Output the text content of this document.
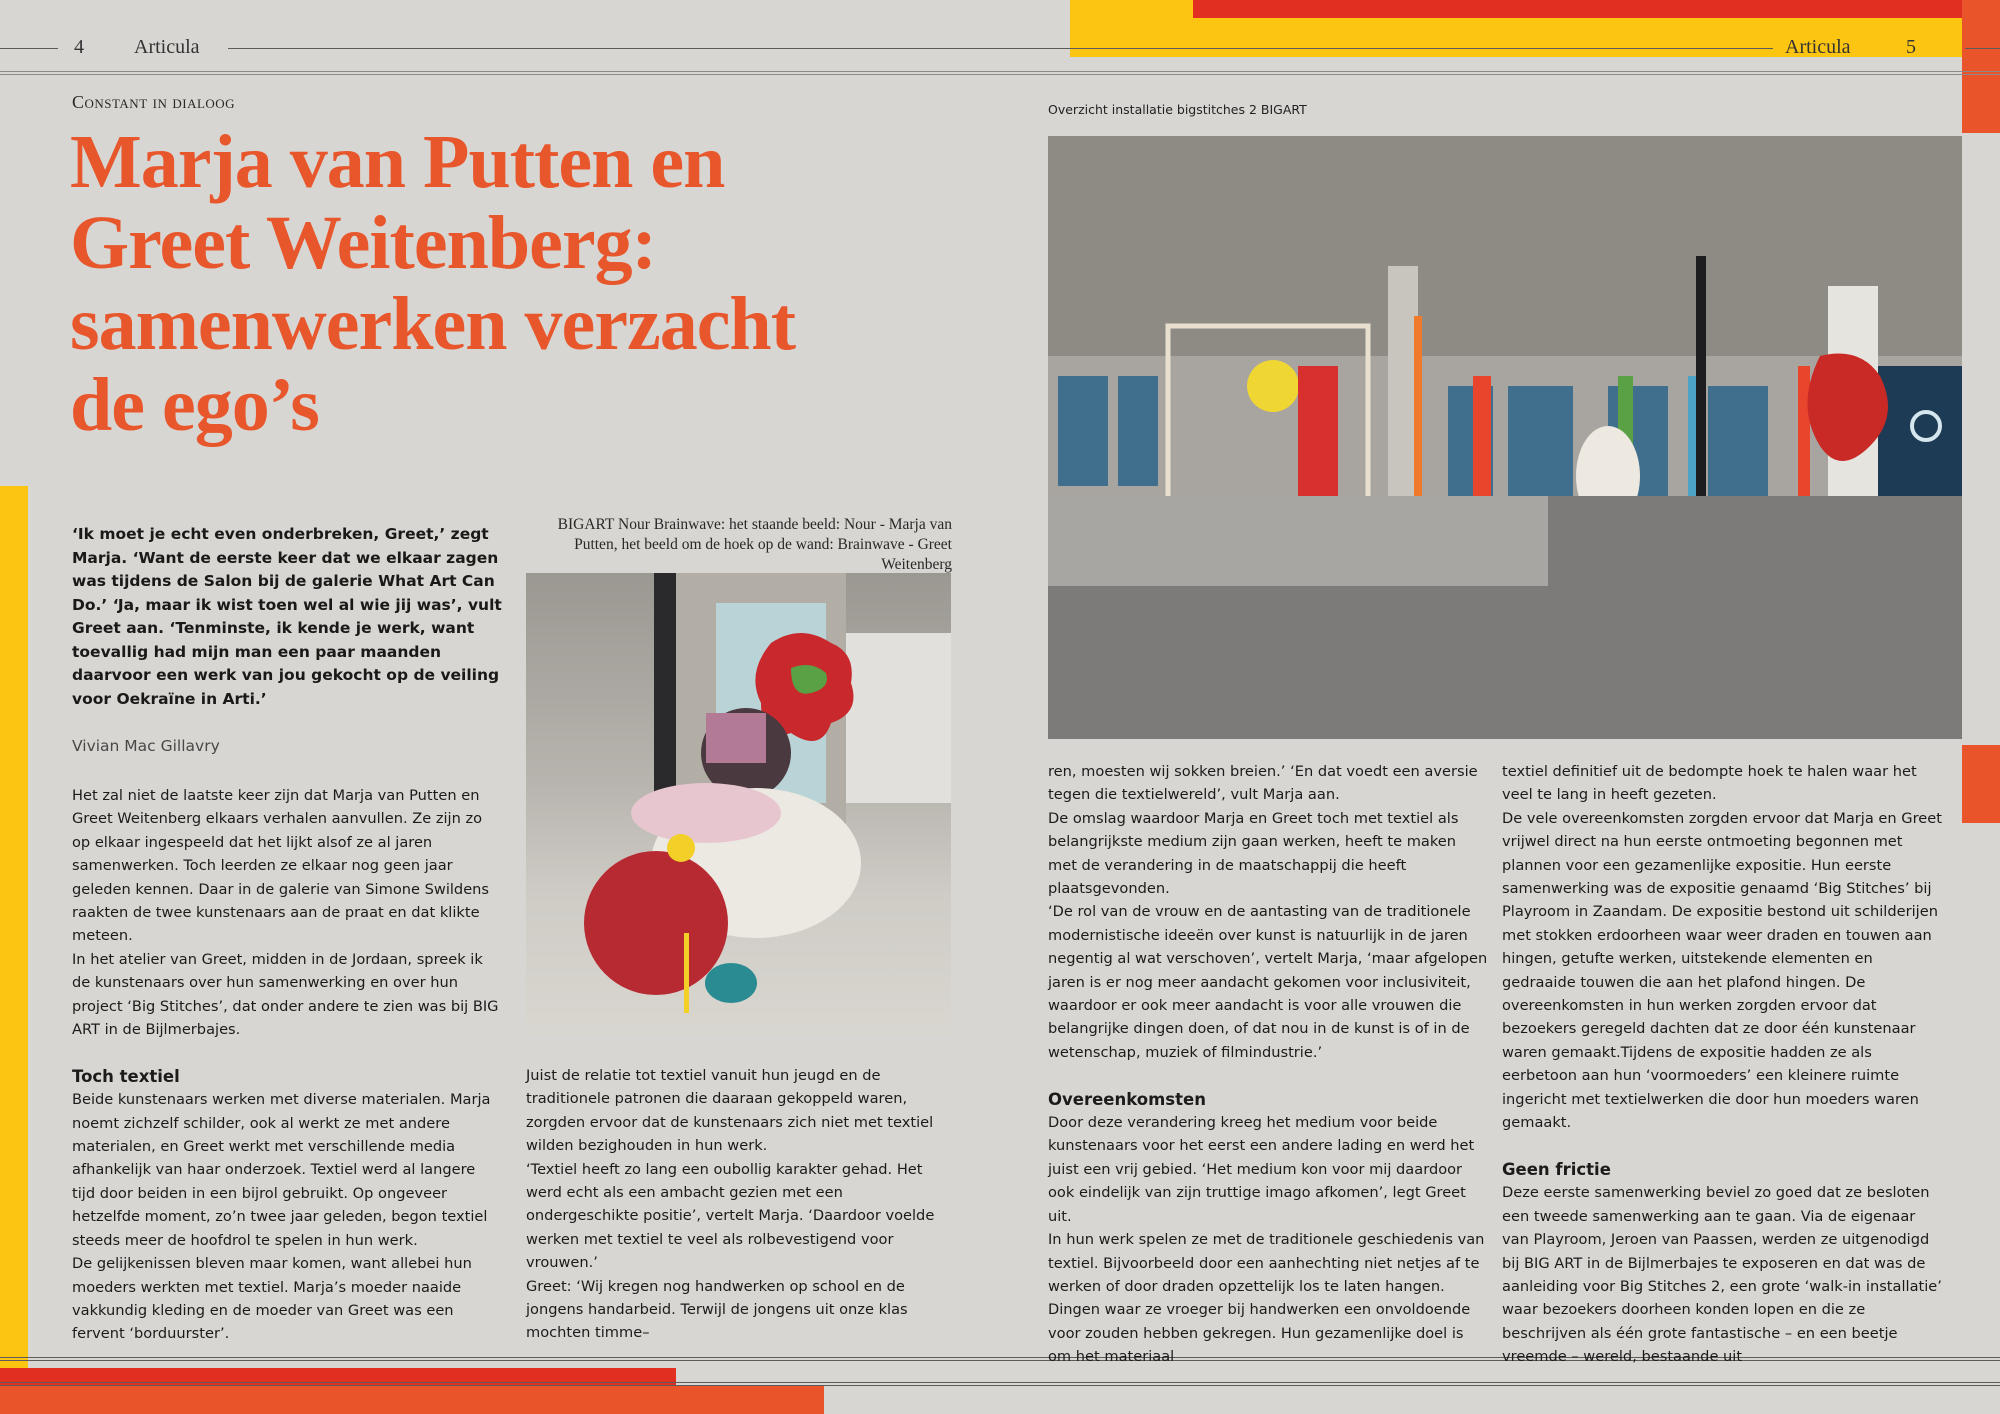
4	Articula	Articula	5
Constant in dialoog
Marja van Putten en
Greet Weitenberg:
samenwerken verzacht
de ego’s
‘Ik moet je echt even onderbreken, Greet,’ zegt Marja. ‘Want de eerste keer dat we elkaar zagen was tijdens de Salon bij de galerie What Art Can Do.’ ‘Ja, maar ik wist toen wel al wie jij was’, vult Greet aan. ‘Tenminste, ik kende je werk, want toevallig had mijn man een paar maanden daarvoor een werk van jou gekocht op de veiling voor Oekraïne in Arti.’
Vivian Mac Gillavry

Het zal niet de laatste keer zijn dat Marja van Putten en Greet Weitenberg elkaars verhalen aanvullen. Ze zijn zo op elkaar ingespeeld dat het lijkt alsof ze al jaren samenwerken. Toch leerden ze elkaar nog geen jaar geleden kennen. Daar in de galerie van Simone Swildens raakten de twee kunstenaars aan de praat en dat klikte meteen.

In het atelier van Greet, midden in de Jordaan, spreek ik de kunstenaars over hun samenwerking en over hun project ‘Big Stitches’, dat onder andere te zien was bij BIG ART in de Bijlmerbajes.

Toch textiel

Beide kunstenaars werken met diverse materialen. Marja noemt zichzelf schilder, ook al werkt ze met andere materialen, en Greet werkt met verschillende media afhankelijk van haar onderzoek. Textiel werd al langere tijd door beiden in een bijrol gebruikt. Op ongeveer hetzelfde moment, zo’n twee jaar geleden, begon textiel steeds meer de hoofdrol te spelen in hun werk.

De gelijkenissen bleven maar komen, want allebei hun moeders werkten met textiel. Marja’s moeder naaide vakkundig kleding en de moeder van Greet was een fervent ‘borduurster’.

BIGART Nour Brainwave: het staande beeld: Nour - Marja van Putten, het beeld om de hoek op de wand: Brainwave - Greet Weitenberg

Juist de relatie tot textiel vanuit hun jeugd en de traditionele patronen die daaraan gekoppeld waren, zorgden ervoor dat de kunstenaars zich niet met textiel wilden bezighouden in hun werk.

‘Textiel heeft zo lang een oubollig karakter gehad. Het werd echt als een ambacht gezien met een ondergeschikte positie’, vertelt Marja. ‘Daardoor voelde werken met textiel te veel als rolbevestigend voor vrouwen.’

Greet: ‘Wij kregen nog handwerken op school en de jongens handarbeid. Terwijl de jongens uit onze klas mochten timme–

Overzicht installatie bigstitches 2 BIGART

ren, moesten wij sokken breien.’ ‘En dat voedt een aversie tegen die textielwereld’, vult Marja aan.

De omslag waardoor Marja en Greet toch met textiel als belangrijkste medium zijn gaan werken, heeft te maken met de verandering in de maatschappij die heeft plaatsgevonden.

‘De rol van de vrouw en de aantasting van de traditionele modernistische ideeën over kunst is natuurlijk in de jaren negentig al wat verschoven’, vertelt Marja, ‘maar afgelopen jaren is er nog meer aandacht gekomen voor inclusiviteit, waardoor er ook meer aandacht is voor alle vrouwen die belangrijke dingen doen, of dat nou in de kunst is of in de wetenschap, muziek of filmindustrie.’

Overeenkomsten

Door deze verandering kreeg het medium voor beide kunstenaars voor het eerst een andere lading en werd het juist een vrij gebied. ‘Het medium kon voor mij daardoor ook eindelijk van zijn truttige imago afkomen’, legt Greet uit.

In hun werk spelen ze met de traditionele geschiedenis van textiel. Bijvoorbeeld door een aanhechting niet netjes af te werken of door draden opzettelijk los te laten hangen. Dingen waar ze vroeger bij handwerken een onvoldoende voor zouden hebben gekregen. Hun gezamenlijke doel is om het materiaal

textiel definitief uit de bedompte hoek te halen waar het veel te lang in heeft gezeten.

De vele overeenkomsten zorgden ervoor dat Marja en Greet vrijwel direct na hun eerste ontmoeting begonnen met plannen voor een gezamenlijke expositie. Hun eerste samenwerking was de expositie genaamd ‘Big Stitches’ bij Playroom in Zaandam. De expositie bestond uit schilderijen met stokken erdoorheen waar weer draden en touwen aan hingen, getufte werken, uitstekende elementen en gedraaide touwen die aan het plafond hingen. De overeenkomsten in hun werken zorgden ervoor dat bezoekers geregeld dachten dat ze door één kunstenaar waren gemaakt.Tijdens de expositie hadden ze als eerbetoon aan hun ‘voormoeders’ een kleinere ruimte ingericht met textielwerken die door hun moeders waren gemaakt.

Geen frictie

Deze eerste samenwerking beviel zo goed dat ze besloten een tweede samenwerking aan te gaan. Via de eigenaar van Playroom, Jeroen van Paassen, werden ze uitgenodigd bij BIG ART in de Bijlmerbajes te exposeren en dat was de aanleiding voor Big Stitches 2, een grote ‘walk-in installatie’ waar bezoekers doorheen konden lopen en die ze beschrijven als één grote fantastische – en een beetje vreemde – wereld, bestaande uit
